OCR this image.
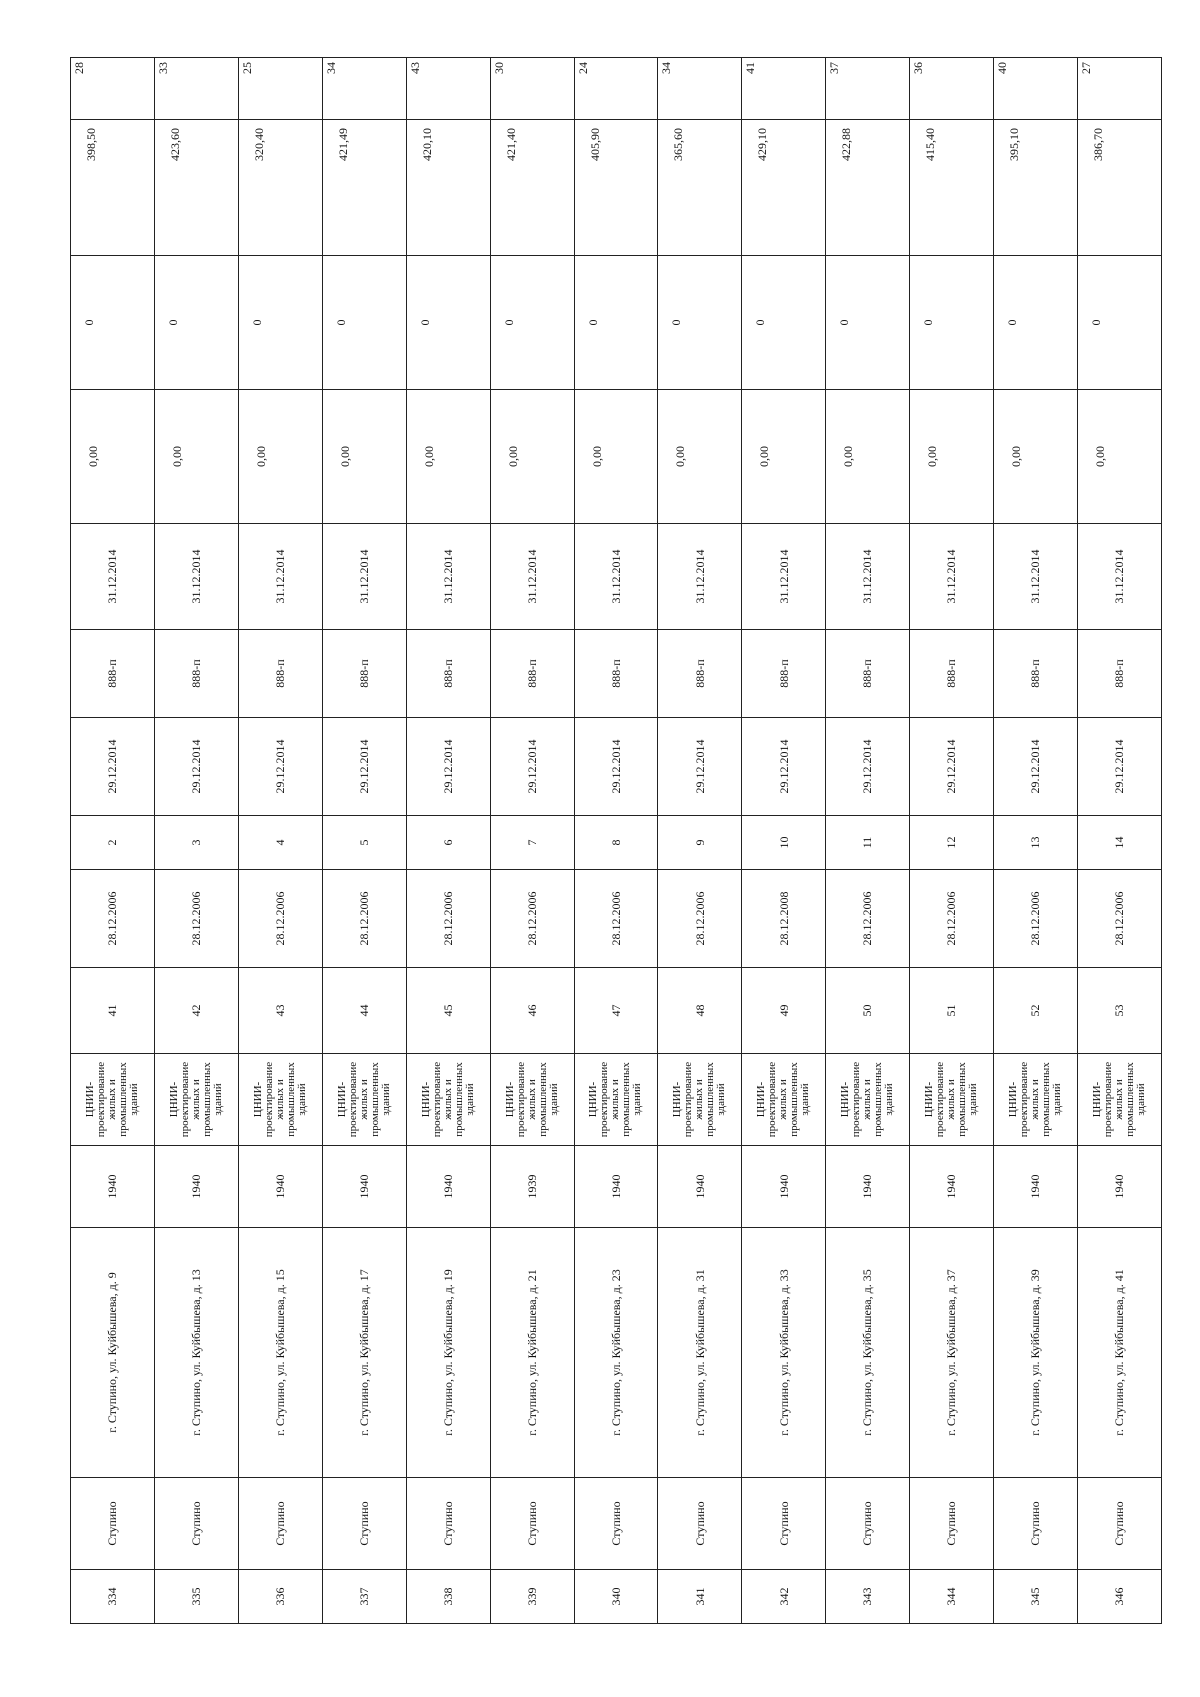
334	Ступино	г. Ступино, ул. Куйбышева, д. 9	1940	ЦНИИ-проектирование жилых и промышленных зданий	41	28.12.2006	2	29.12.2014	888-п	31.12.2014	0,00	0	398,50	28
335	Ступино	г. Ступино, ул. Куйбышева, д. 13	1940	ЦНИИ-проектирование жилых и промышленных зданий	42	28.12.2006	3	29.12.2014	888-п	31.12.2014	0,00	0	423,60	33
336	Ступино	г. Ступино, ул. Куйбышева, д. 15	1940	ЦНИИ-проектирование жилых и промышленных зданий	43	28.12.2006	4	29.12.2014	888-п	31.12.2014	0,00	0	320,40	25
337	Ступино	г. Ступино, ул. Куйбышева, д. 17	1940	ЦНИИ-проектирование жилых и промышленных зданий	44	28.12.2006	5	29.12.2014	888-п	31.12.2014	0,00	0	421,49	34
338	Ступино	г. Ступино, ул. Куйбышева, д. 19	1940	ЦНИИ-проектирование жилых и промышленных зданий	45	28.12.2006	6	29.12.2014	888-п	31.12.2014	0,00	0	420,10	43
339	Ступино	г. Ступино, ул. Куйбышева, д. 21	1939	ЦНИИ-проектирование жилых и промышленных зданий	46	28.12.2006	7	29.12.2014	888-п	31.12.2014	0,00	0	421,40	30
340	Ступино	г. Ступино, ул. Куйбышева, д. 23	1940	ЦНИИ-проектирование жилых и промышленных зданий	47	28.12.2006	8	29.12.2014	888-п	31.12.2014	0,00	0	405,90	24
341	Ступино	г. Ступино, ул. Куйбышева, д. 31	1940	ЦНИИ-проектирование жилых и промышленных зданий	48	28.12.2006	9	29.12.2014	888-п	31.12.2014	0,00	0	365,60	34
342	Ступино	г. Ступино, ул. Куйбышева, д. 33	1940	ЦНИИ-проектирование жилых и промышленных зданий	49	28.12.2008	10	29.12.2014	888-п	31.12.2014	0,00	0	429,10	41
343	Ступино	г. Ступино, ул. Куйбышева, д. 35	1940	ЦНИИ-проектирование жилых и промышленных зданий	50	28.12.2006	11	29.12.2014	888-п	31.12.2014	0,00	0	422,88	37
344	Ступино	г. Ступино, ул. Куйбышева, д. 37	1940	ЦНИИ-проектирование жилых и промышленных зданий	51	28.12.2006	12	29.12.2014	888-п	31.12.2014	0,00	0	415,40	36
345	Ступино	г. Ступино, ул. Куйбышева, д. 39	1940	ЦНИИ-проектирование жилых и промышленных зданий	52	28.12.2006	13	29.12.2014	888-п	31.12.2014	0,00	0	395,10	40
346	Ступино	г. Ступино, ул. Куйбышева, д. 41	1940	ЦНИИ-проектирование жилых и промышленных зданий	53	28.12.2006	14	29.12.2014	888-п	31.12.2014	0,00	0	386,70	27
